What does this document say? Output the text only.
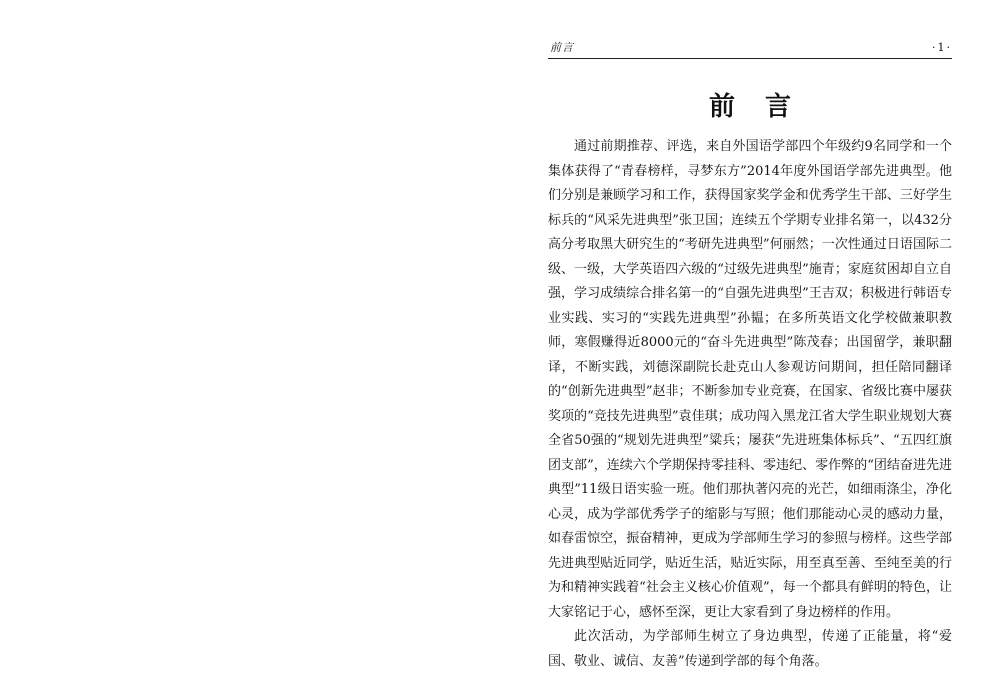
前言	·1·
前言

通过前期推荐、评选，来自外国语学部四个年级约9名同学和一个集体获得了“青春榜样，寻梦东方”2014年度外国语学部先进典型。他们分别是兼顾学习和工作，获得国家奖学金和优秀学生干部、三好学生标兵的“风采先进典型”张卫国；连续五个学期专业排名第一，以432分高分考取黑大研究生的“考研先进典型”何丽然；一次性通过日语国际二级、一级，大学英语四六级的“过级先进典型”施青；家庭贫困却自立自强，学习成绩综合排名第一的“自强先进典型”王吉双；积极进行韩语专业实践、实习的“实践先进典型”孙韫；在多所英语文化学校做兼职教师，寒假赚得近8000元的“奋斗先进典型”陈茂春；出国留学，兼职翻译，不断实践，刘德深副院长赴克山人参观访问期间，担任陪同翻译的“创新先进典型”赵非；不断参加专业竞赛，在国家、省级比赛中屡获奖项的“竞技先进典型”袁佳琪；成功闯入黑龙江省大学生职业规划大赛全省50强的“规划先进典型”粱兵；屡获“先进班集体标兵”、“五四红旗团支部”，连续六个学期保持零挂科、零违纪、零作弊的“团结奋进先进典型”11级日语实验一班。他们那执著闪亮的光芒，如细雨涤尘，净化心灵，成为学部优秀学子的缩影与写照；他们那能动心灵的感动力量，如春雷惊空，振奋精神，更成为学部师生学习的参照与榜样。这些学部先进典型贴近同学，贴近生活，贴近实际，用至真至善、至纯至美的行为和精神实践着“社会主义核心价值观”，每一个都具有鲜明的特色，让大家铭记于心，感怀至深，更让大家看到了身边榜样的作用。

此次活动，为学部师生树立了身边典型，传递了正能量，将“爱国、敬业、诚信、友善”传递到学部的每个角落。
